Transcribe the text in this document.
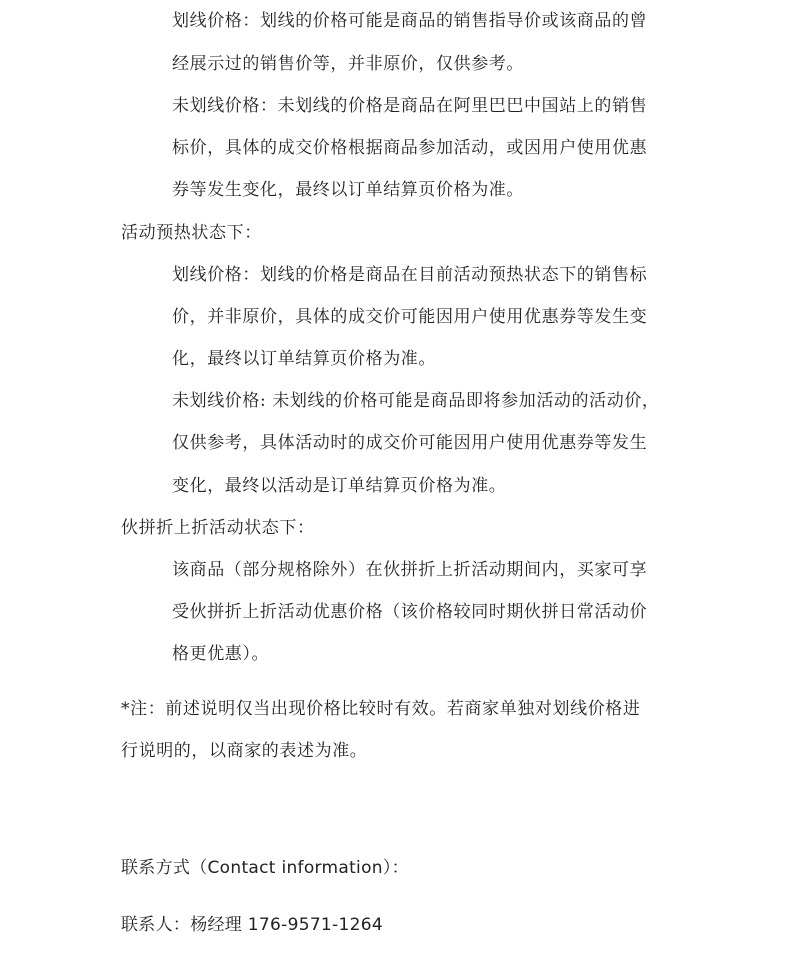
划线价格：划线的价格可能是商品的销售指导价或该商品的曾
经展示过的销售价等，并非原价，仅供参考。
未划线价格：未划线的价格是商品在阿里巴巴中国站上的销售
标价，具体的成交价格根据商品参加活动，或因用户使用优惠
券等发生变化，最终以订单结算页价格为准。
活动预热状态下：
划线价格：划线的价格是商品在目前活动预热状态下的销售标
价，并非原价，具体的成交价可能因用户使用优惠券等发生变
化，最终以订单结算页价格为准。
未划线价格: 未划线的价格可能是商品即将参加活动的活动价，
仅供参考，具体活动时的成交价可能因用户使用优惠券等发生
变化，最终以活动是订单结算页价格为准。
伙拼折上折活动状态下：
该商品（部分规格除外）在伙拼折上折活动期间内，买家可享
受伙拼折上折活动优惠价格（该价格较同时期伙拼日常活动价
格更优惠）。
*注：前述说明仅当出现价格比较时有效。若商家单独对划线价格进
行说明的，以商家的表述为准。
联系方式（Contact information）：
联系人：杨经理 176-9571-1264
